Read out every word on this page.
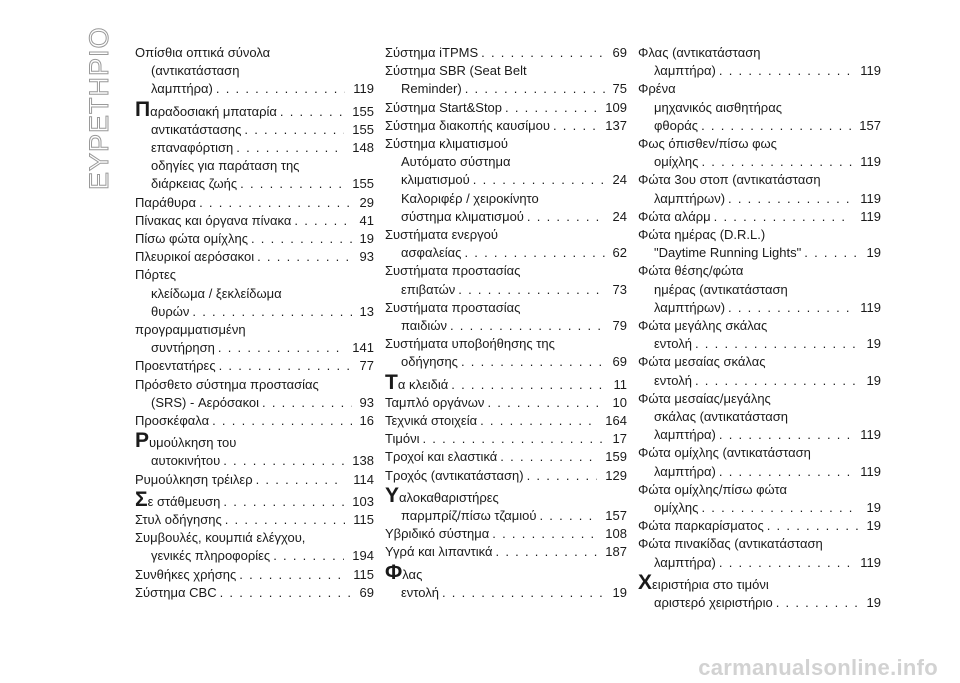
ΕΥΡΕΤΗΡΙΟ Οπίσθια οπτικά σύνολα
(αντικατάσταση
λαμπτήρα) . . .	119
Παραδοσιακή μπαταρία . . .	155
αντικατάστασης . . .	155
επαναφόρτιση . . .	148
οδηγίες για παράταση της
διάρκειας ζωής . . .	155
Παράθυρα . . .	29
Πίνακας και όργανα πίνακα . . .	41
Πίσω φώτα ομίχλης . . .	19
Πλευρικοί αερόσακοι . . .	93
Πόρτες
κλείδωμα / ξεκλείδωμα
θυρών . . .	13
προγραμματισμένη
συντήρηση . . .	141
Προεντατήρες . . .	77
Πρόσθετο σύστημα προστασίας
(SRS) - Αερόσακοι . . .	93
Προσκέφαλα . . .	16
Ρυμούλκηση του
αυτοκινήτου . . .	138
Ρυμούλκηση τρέιλερ . . .	114
Σε στάθμευση . . .	103
Στυλ οδήγησης . . .	115
Συμβουλές, κουμπιά ελέγχου,
γενικές πληροφορίες . . .	194
Συνθήκες χρήσης . . .	115
Σύστημα CBC . . .	69
Σύστημα iTPMS . . .	69
Σύστημα SBR (Seat Belt
Reminder) . . .	75
Σύστημα Start&Stop . . .	109
Σύστημα διακοπής καυσίμου . . .	137
Σύστημα κλιματισμού
Αυτόματο σύστημα
κλιματισμού . . .	24
Καλοριφέρ / χειροκίνητο
σύστημα κλιματισμού . . .	24
Συστήματα ενεργού
ασφαλείας . . .	62
Συστήματα προστασίας
επιβατών . . .	73
Συστήματα προστασίας
παιδιών . . .	79
Συστήματα υποβοήθησης της
οδήγησης . . .	69
Τα κλειδιά . . .	11
Ταμπλό οργάνων . . .	10
Τεχνικά στοιχεία . . .	164
Τιμόνι . . .	17
Τροχοί και ελαστικά . . .	159
Τροχός (αντικατάσταση) . . .	129
Υαλοκαθαριστήρες
παρμπρίζ/πίσω τζαμιού . . .	157
Υβριδικό σύστημα . . .	108
Υγρά και λιπαντικά . . .	187
Φλας
εντολή . . .	19
Φλας (αντικατάσταση
λαμπτήρα) . . .	119
Φρένα
μηχανικός αισθητήρας
φθοράς . . .	157
Φως όπισθεν/πίσω φως
ομίχλης . . .	119
Φώτα 3ου στοπ (αντικατάσταση
λαμπτήρων) . . .	119
Φώτα αλάρμ . . .	119
Φώτα ημέρας (D.R.L.)
"Daytime Running Lights" . . .	19
Φώτα θέσης/φώτα
ημέρας (αντικατάσταση
λαμπτήρων) . . .	119
Φώτα μεγάλης σκάλας
εντολή . . .	19
Φώτα μεσαίας σκάλας
εντολή . . .	19
Φώτα μεσαίας/μεγάλης
σκάλας (αντικατάσταση
λαμπτήρα) . . .	119
Φώτα ομίχλης (αντικατάσταση
λαμπτήρα) . . .	119
Φώτα ομίχλης/πίσω φώτα
ομίχλης . . .	19
Φώτα παρκαρίσματος . . .	19
Φώτα πινακίδας (αντικατάσταση
λαμπτήρα) . . .	119
Χειριστήρια στο τιμόνι
αριστερό χειριστήριο . . .	19
carmanualsonline.info
